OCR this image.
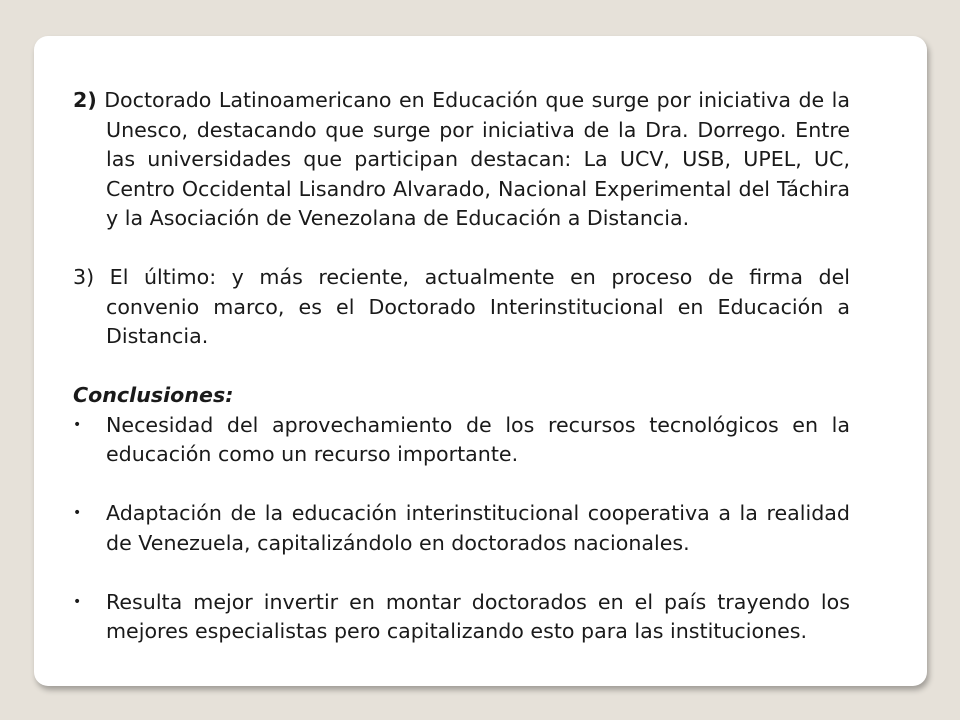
2) Doctorado Latinoamericano en Educación que surge por iniciativa de la Unesco, destacando que surge por iniciativa de la Dra. Dorrego. Entre las universidades que participan destacan: La UCV, USB, UPEL, UC, Centro Occidental Lisandro Alvarado, Nacional Experimental del Táchira y la Asociación de Venezolana de Educación a Distancia.

3) El último: y más reciente, actualmente en proceso de firma del convenio marco, es el Doctorado Interinstitucional en Educación a Distancia.

Conclusiones:

• Necesidad del aprovechamiento de los recursos tecnológicos en la educación como un recurso importante.

• Adaptación de la educación interinstitucional cooperativa a la realidad de Venezuela, capitalizándolo en doctorados nacionales.

• Resulta mejor invertir en montar doctorados en el país trayendo los mejores especialistas pero capitalizando esto para las instituciones.
